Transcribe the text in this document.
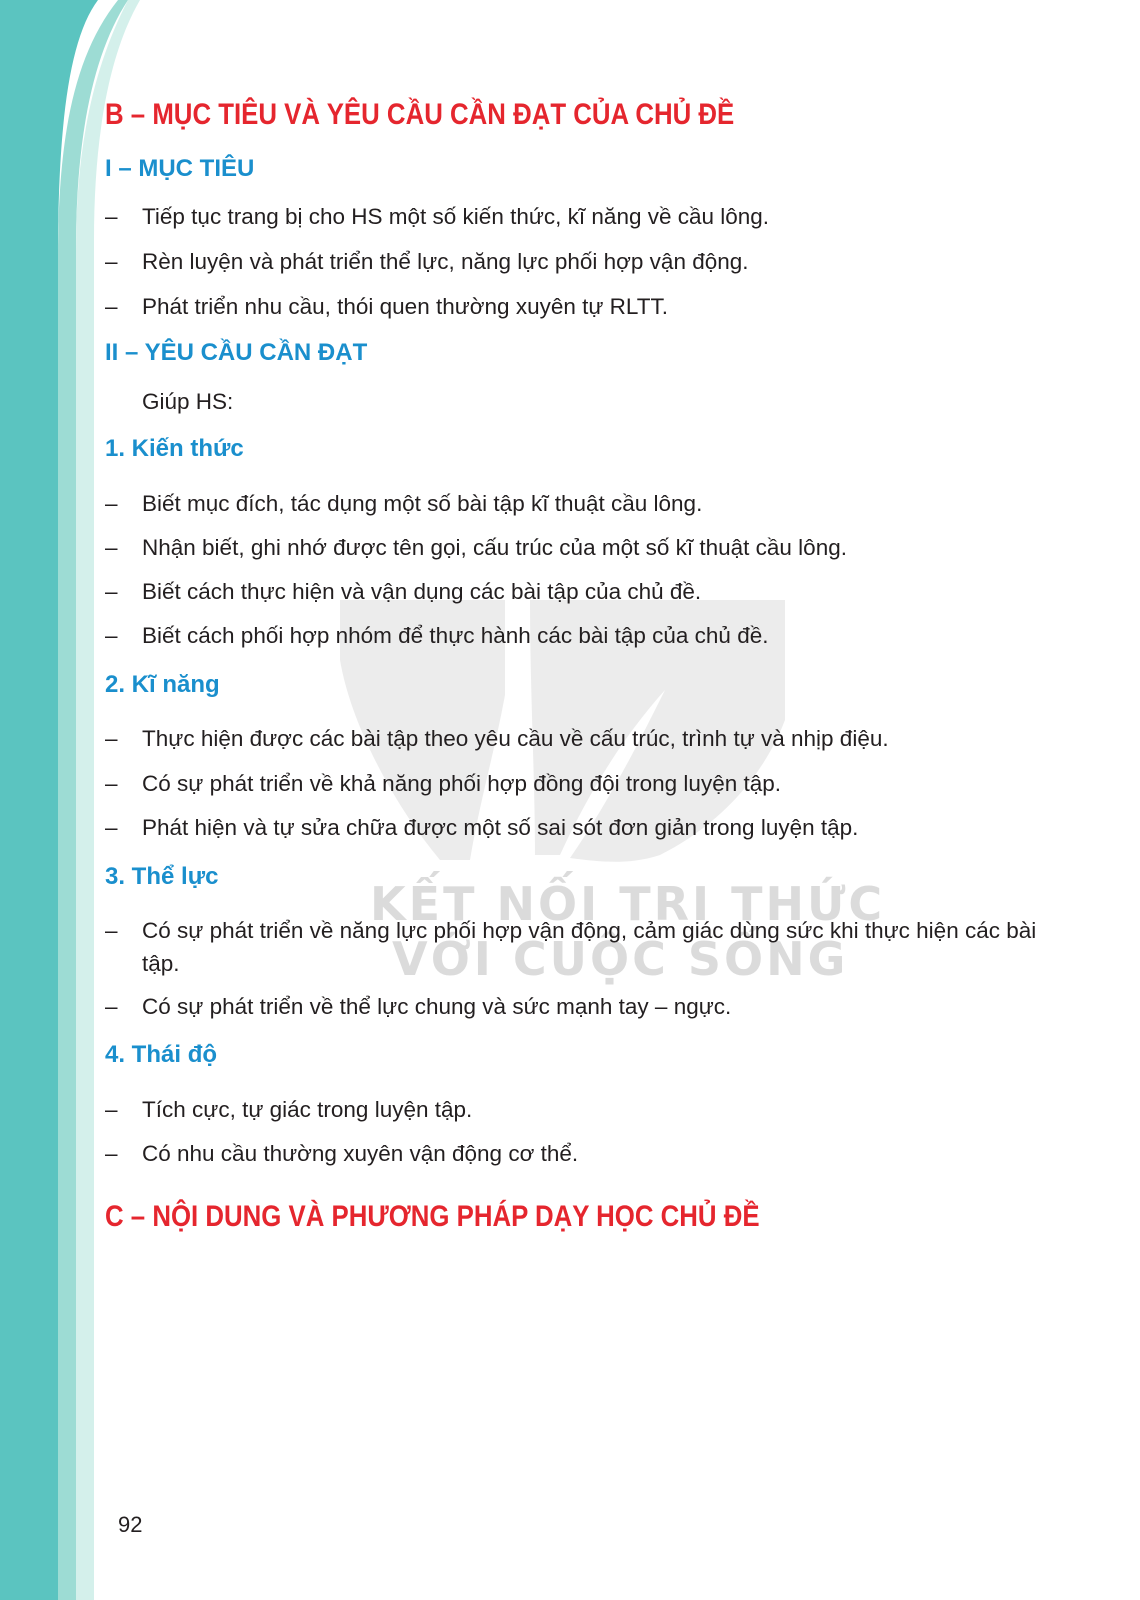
KẾT NỐI TRI THỨC
VỚI CUỘC SỐNG
B – MỤC TIÊU VÀ YÊU CẦU CẦN ĐẠT CỦA CHỦ ĐỀ
I – MỤC TIÊU
– Tiếp tục trang bị cho HS một số kiến thức, kĩ năng về cầu lông.
– Rèn luyện và phát triển thể lực, năng lực phối hợp vận động.
– Phát triển nhu cầu, thói quen thường xuyên tự RLTT.
II – YÊU CẦU CẦN ĐẠT
Giúp HS:
1. Kiến thức
– Biết mục đích, tác dụng một số bài tập kĩ thuật cầu lông.
– Nhận biết, ghi nhớ được tên gọi, cấu trúc của một số kĩ thuật cầu lông.
– Biết cách thực hiện và vận dụng các bài tập của chủ đề.
– Biết cách phối hợp nhóm để thực hành các bài tập của chủ đề.
2. Kĩ năng
– Thực hiện được các bài tập theo yêu cầu về cấu trúc, trình tự và nhịp điệu.
– Có sự phát triển về khả năng phối hợp đồng đội trong luyện tập.
– Phát hiện và tự sửa chữa được một số sai sót đơn giản trong luyện tập.
3. Thể lực
– Có sự phát triển về năng lực phối hợp vận động, cảm giác dùng sức khi thực hiện các bài tập.
– Có sự phát triển về thể lực chung và sức mạnh tay – ngực.
4. Thái độ
– Tích cực, tự giác trong luyện tập.
– Có nhu cầu thường xuyên vận động cơ thể.
C – NỘI DUNG VÀ PHƯƠNG PHÁP DẠY HỌC CHỦ ĐỀ
92
